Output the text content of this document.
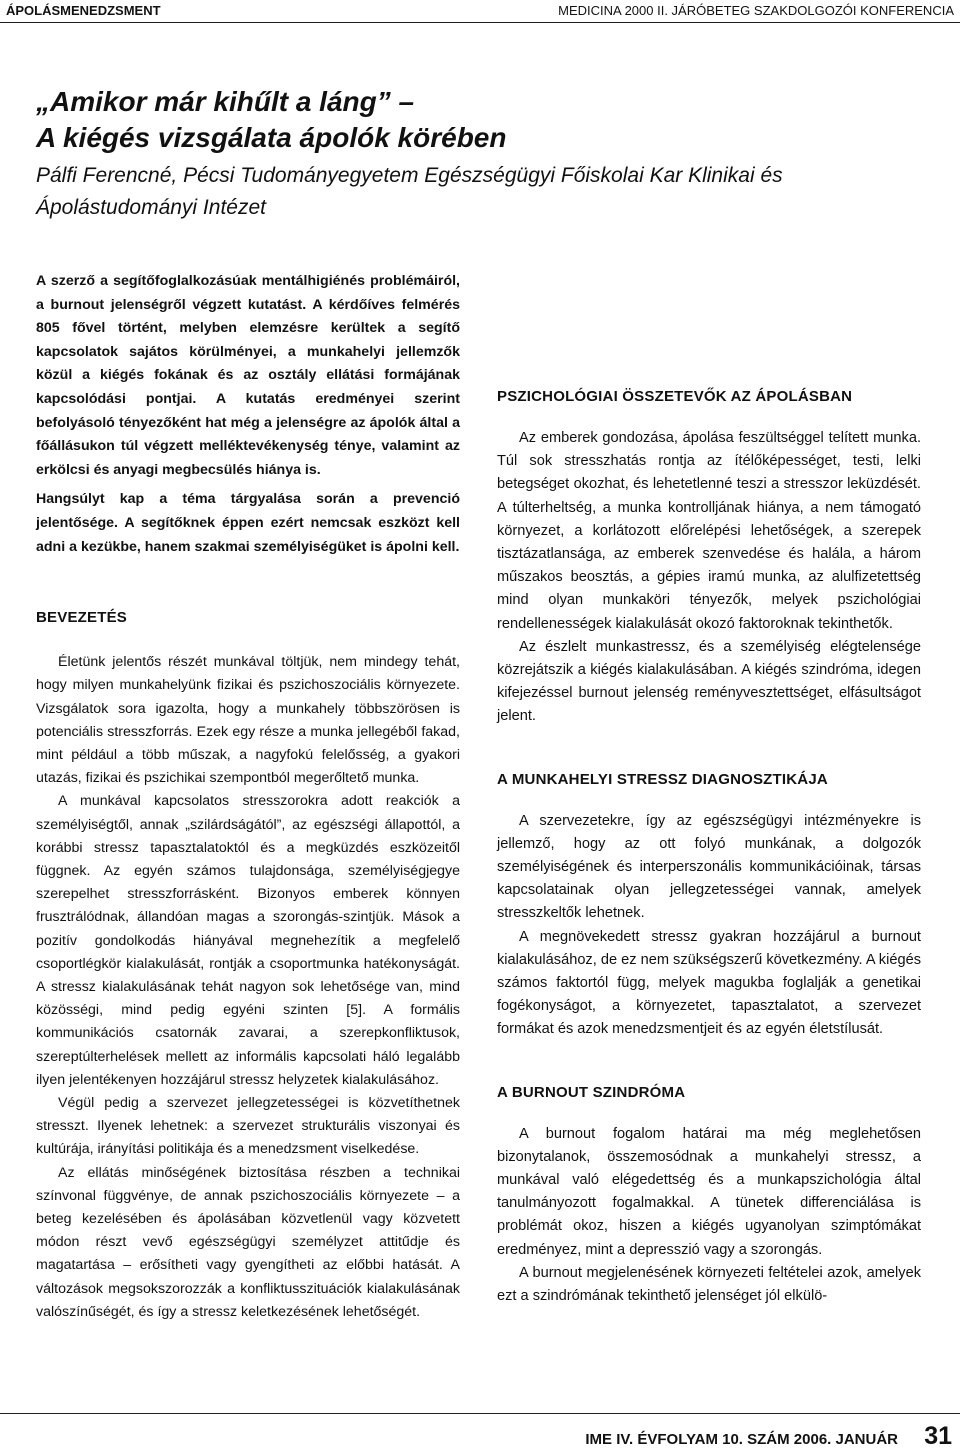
ÁPOLÁSMENEDZSMENT	MEDICINA 2000 II. JÁRÓBETEG SZAKDOLGOZÓI KONFERENCIA
„Amikor már kihűlt a láng” –
A kiégés vizsgálata ápolók körében
Pálfi Ferencné, Pécsi Tudományegyetem Egészségügyi Főiskolai Kar Klinikai és Ápolástudományi Intézet

A szerző a segítőfoglalkozásúak mentálhigiénés problémáiról, a burnout jelenségről végzett kutatást. A kérdőíves felmérés 805 fővel történt, melyben elemzésre kerültek a segítő kapcsolatok sajátos körülményei, a munkahelyi jellemzők közül a kiégés fokának és az osztály ellátási formájának kapcsolódási pontjai. A kutatás eredményei szerint befolyásoló tényezőként hat még a jelenségre az ápolók által a főállásukon túl végzett melléktevékenység ténye, valamint az erkölcsi és anyagi megbecsülés hiánya is.

Hangsúlyt kap a téma tárgyalása során a prevenció jelentősége. A segítőknek éppen ezért nemcsak eszközt kell adni a kezükbe, hanem szakmai személyiségüket is ápolni kell.

BEVEZETÉS

Életünk jelentős részét munkával töltjük, nem mindegy tehát, hogy milyen munkahelyünk fizikai és pszichoszociális környezete. Vizsgálatok sora igazolta, hogy a munkahely többszörösen is potenciális stresszforrás. Ezek egy része a munka jellegéből fakad, mint például a több műszak, a nagyfokú felelősség, a gyakori utazás, fizikai és pszichikai szempontból megerőltető munka.

A munkával kapcsolatos stresszorokra adott reakciók a személyiségtől, annak „szilárdságától”, az egészségi állapottól, a korábbi stressz tapasztalatoktól és a megküzdés eszközeitől függnek. Az egyén számos tulajdonsága, személyiségjegye szerepelhet stresszforrásként. Bizonyos emberek könnyen frusztrálódnak, állandóan magas a szorongás-szintjük. Mások a pozitív gondolkodás hiányával megnehezítik a megfelelő csoportlégkör kialakulását, rontják a csoportmunka hatékonyságát. A stressz kialakulásának tehát nagyon sok lehetősége van, mind közösségi, mind pedig egyéni szinten [5]. A formális kommunikációs csatornák zavarai, a szerepkonfliktusok, szereptúlterhelések mellett az informális kapcsolati háló legalább ilyen jelentékenyen hozzájárul stressz helyzetek kialakulásához.

Végül pedig a szervezet jellegzetességei is közvetíthetnek stresszt. Ilyenek lehetnek: a szervezet strukturális viszonyai és kultúrája, irányítási politikája és a menedzsment viselkedése.

Az ellátás minőségének biztosítása részben a technikai színvonal függvénye, de annak pszichoszociális környezete – a beteg kezelésében és ápolásában közvetlenül vagy közvetett módon részt vevő egészségügyi személyzet attitűdje és magatartása – erősítheti vagy gyengítheti az előbbi hatását. A változások megsokszorozzák a konfliktusszituációk kialakulásának valószínűségét, és így a stressz keletkezésének lehetőségét.

PSZICHOLÓGIAI ÖSSZETEVŐK AZ ÁPOLÁSBAN

Az emberek gondozása, ápolása feszültséggel telített munka. Túl sok stresszhatás rontja az ítélőképességet, testi, lelki betegséget okozhat, és lehetetlenné teszi a stresszor leküzdését. A túlterheltség, a munka kontrolljának hiánya, a nem támogató környezet, a korlátozott előrelépési lehetőségek, a szerepek tisztázatlansága, az emberek szenvedése és halála, a három műszakos beosztás, a gépies iramú munka, az alulfizetettség mind olyan munkaköri tényezők, melyek pszichológiai rendellenességek kialakulását okozó faktoroknak tekinthetők.

Az észlelt munkastressz, és a személyiség elégtelensége közrejátszik a kiégés kialakulásában. A kiégés szindróma, idegen kifejezéssel burnout jelenség reményvesztettséget, elfásultságot jelent.

A MUNKAHELYI STRESSZ DIAGNOSZTIKÁJA

A szervezetekre, így az egészségügyi intézményekre is jellemző, hogy az ott folyó munkának, a dolgozók személyiségének és interperszonális kommunikációinak, társas kapcsolatainak olyan jellegzetességei vannak, amelyek stresszkeltők lehetnek.

A megnövekedett stressz gyakran hozzájárul a burnout kialakulásához, de ez nem szükségszerű következmény. A kiégés számos faktortól függ, melyek magukba foglalják a genetikai fogékonyságot, a környezetet, tapasztalatot, a szervezet formákat és azok menedzsmentjeit és az egyén életstílusát.

A BURNOUT SZINDRÓMA

A burnout fogalom határai ma még meglehetősen bizonytalanok, összemosódnak a munkahelyi stressz, a munkával való elégedettség és a munkapszichológia által tanulmányozott fogalmakkal. A tünetek differenciálása is problémát okoz, hiszen a kiégés ugyanolyan szimptómákat eredményez, mint a depresszió vagy a szorongás.

A burnout megjelenésének környezeti feltételei azok, amelyek ezt a szindrómának tekinthető jelenséget jól elkülö-

IME IV. ÉVFOLYAM 10. SZÁM 2006. JANUÁR 31
